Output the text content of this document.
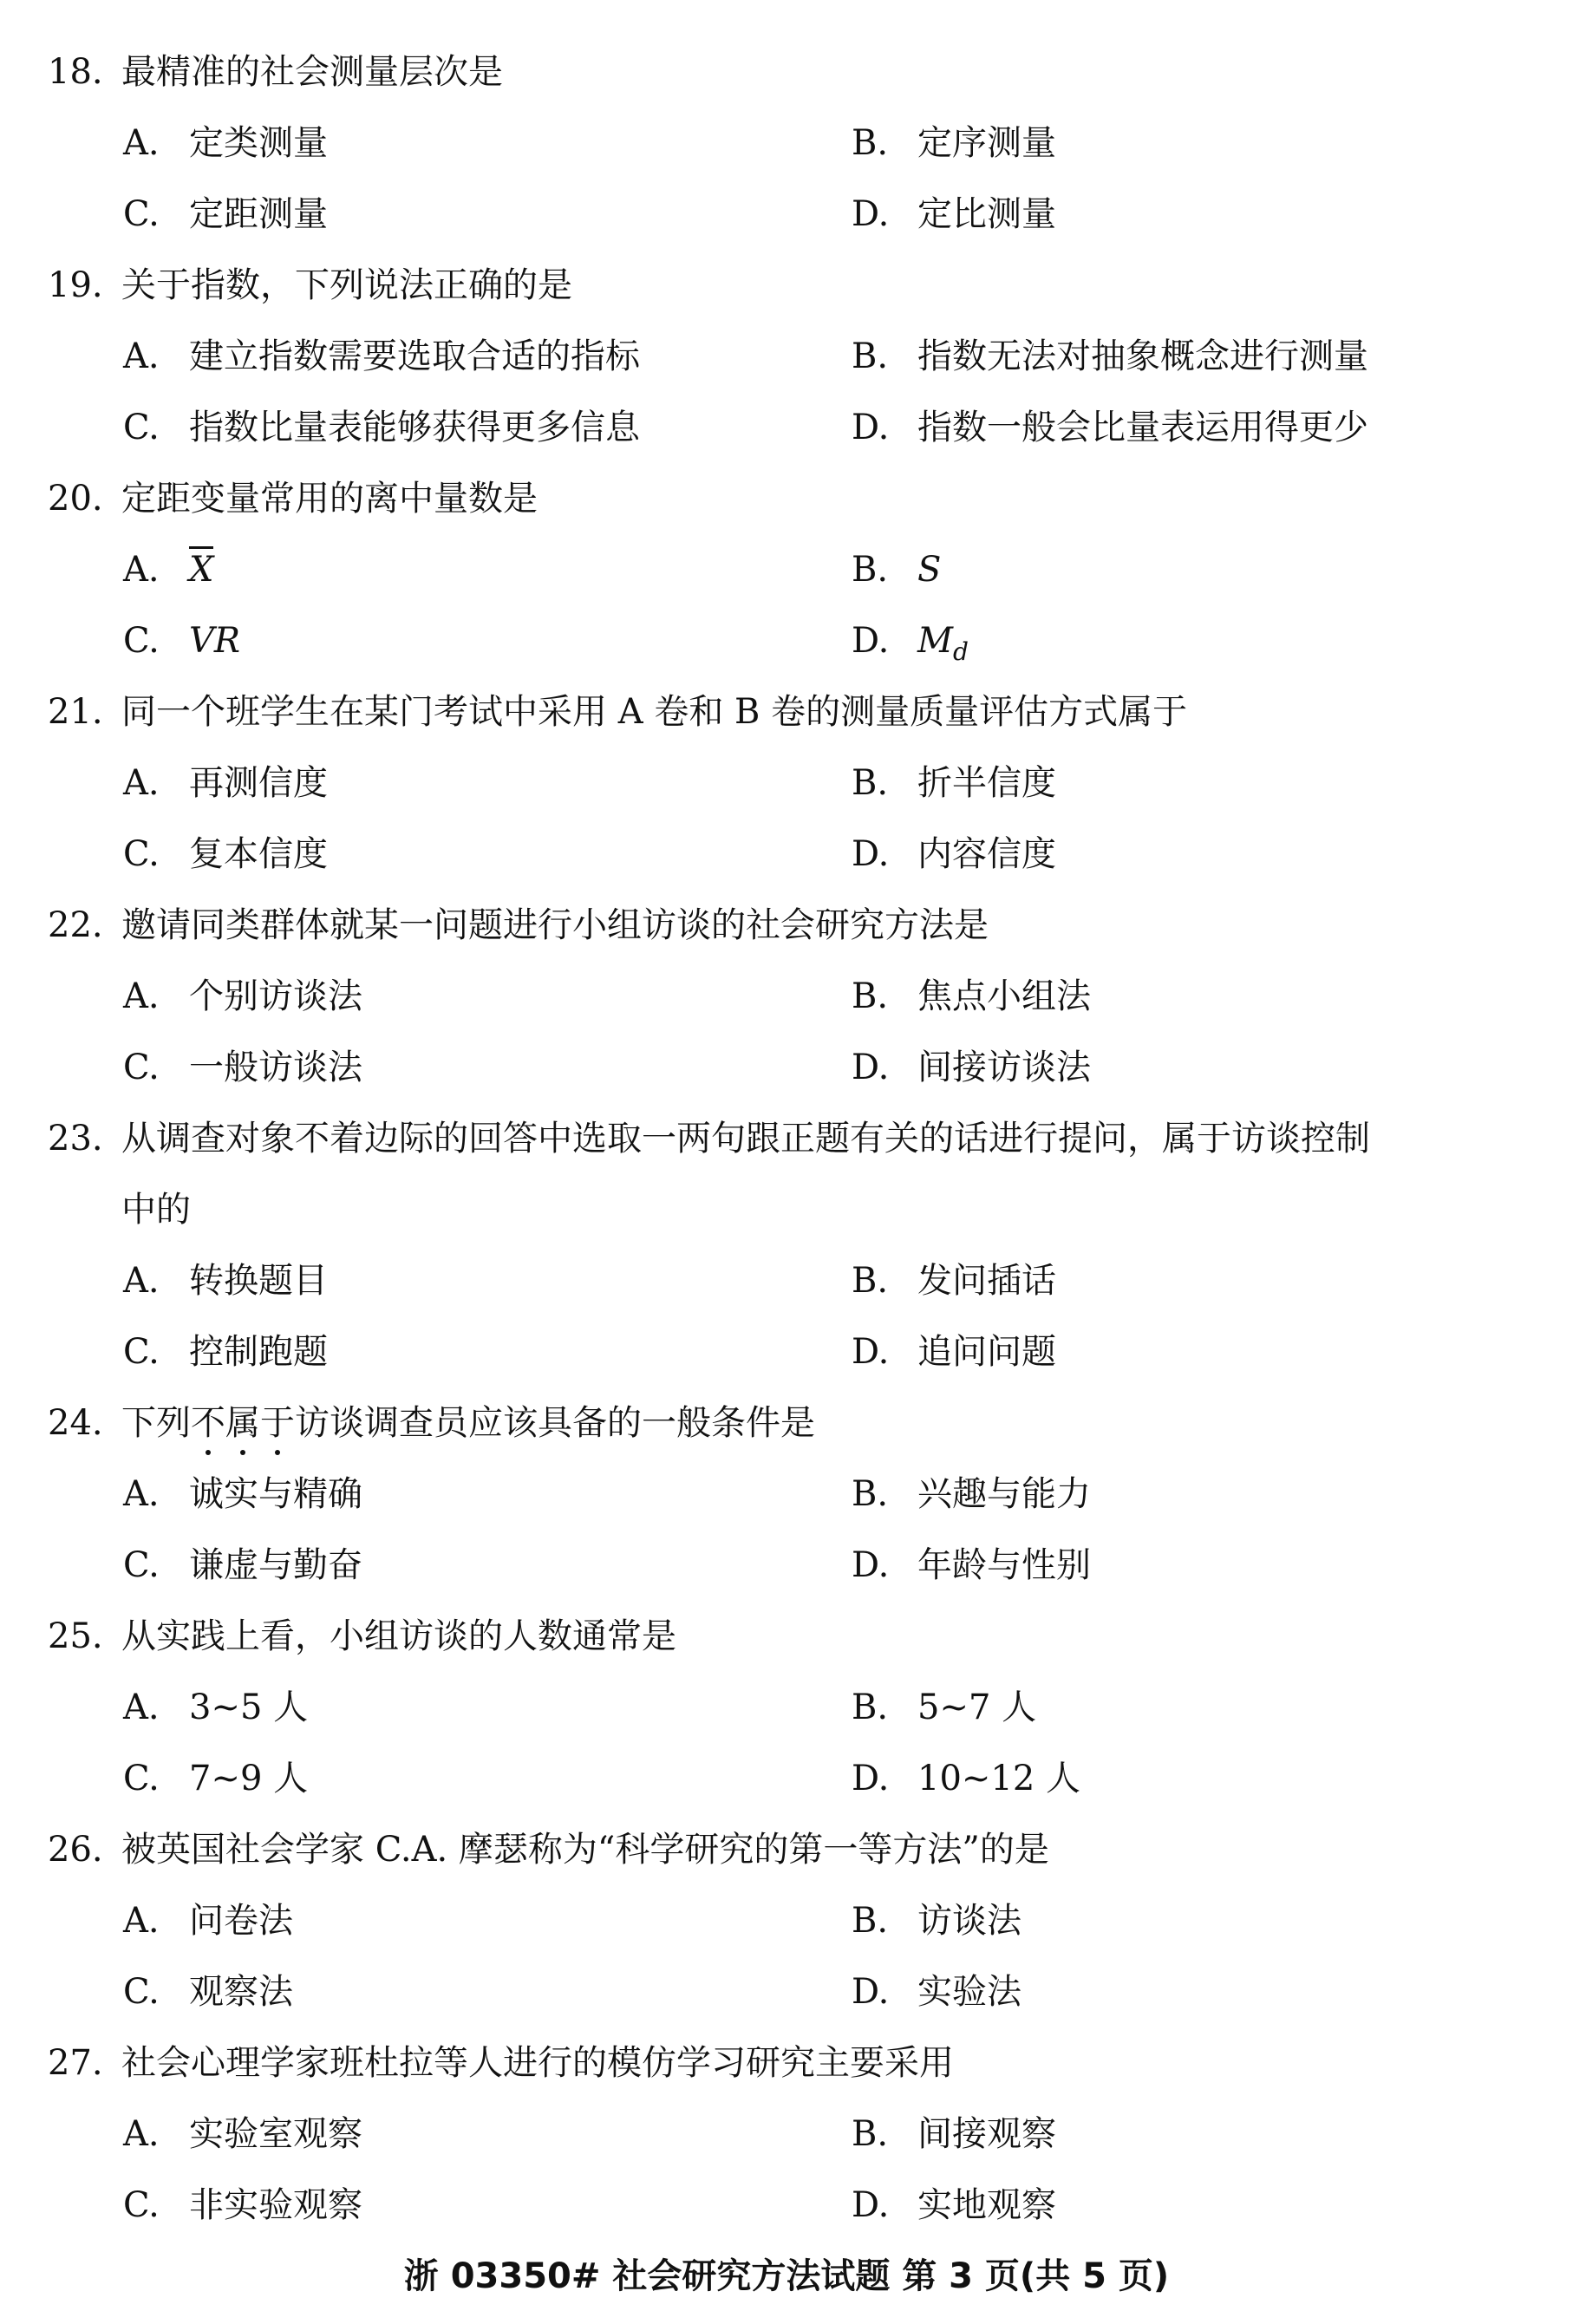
18. 最精准的社会测量层次是
A. 定类测量	B. 定序测量
C. 定距测量	D. 定比测量
19. 关于指数，下列说法正确的是
A. 建立指数需要选取合适的指标	B. 指数无法对抽象概念进行测量
C. 指数比量表能够获得更多信息	D. 指数一般会比量表运用得更少
20. 定距变量常用的离中量数是
A. X	B. S
C. VR	D. $M_d$
21. 同一个班学生在某门考试中采用 A 卷和 B 卷的测量质量评估方式属于
A. 再测信度	B. 折半信度
C. 复本信度	D. 内容信度
22. 邀请同类群体就某一问题进行小组访谈的社会研究方法是
A. 个别访谈法	B. 焦点小组法
C. 一般访谈法	D. 间接访谈法
23. 从调查对象不着边际的回答中选取一两句跟正题有关的话进行提问，属于访谈控制
中的
A. 转换题目	B. 发问插话
C. 控制跑题	D. 追问问题
24. 下列不属于
访谈调查员应该具备的一般条件是
A. 诚实与精确	B. 兴趣与能力
C. 谦虚与勤奋	D. 年龄与性别
25. 从实践上看，小组访谈的人数通常是
A. 3~5 人	B. 5~7 人
C. 7~9 人	D. 10~12 人
26. 被英国社会学家 C.A. 摩瑟称为“科学研究的第一等方法”的是
A. 问卷法	B. 访谈法
C. 观察法	D. 实验法
27. 社会心理学家班杜拉等人进行的模仿学习研究主要采用
A. 实验室观察	B. 间接观察
C. 非实验观察	D. 实地观察
浙 03350# 社会研究方法试题 第 3 页(共 5 页)
